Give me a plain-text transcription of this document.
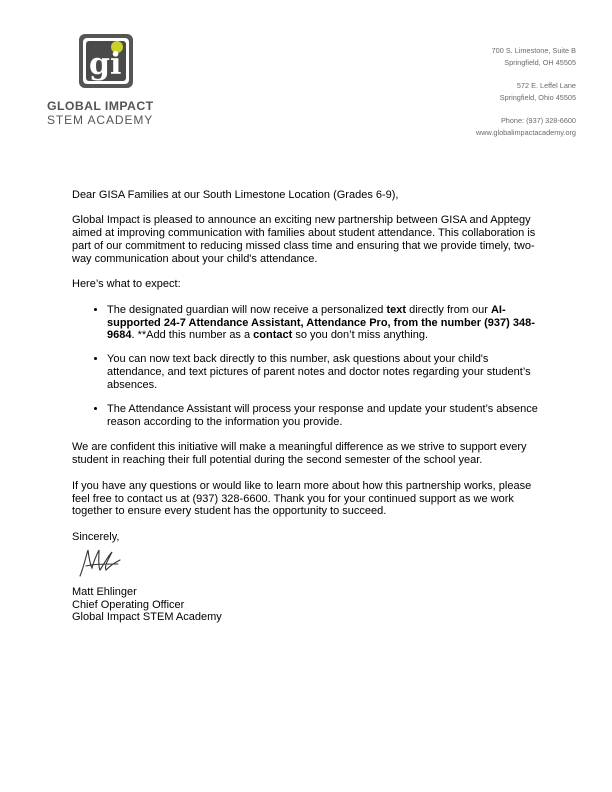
gi
GLOBAL IMPACT
STEM ACADEMY
700 S. Limestone, Suite B
Springfield, OH 45505
572 E. Leffel Lane
Springfield, Ohio 45505
Phone: (937) 328-6600
www.globalimpactacademy.org

Dear GISA Families at our South Limestone Location (Grades 6-9),

Global Impact is pleased to announce an exciting new partnership between GISA and Apptegy aimed at improving communication with families about student attendance. This collaboration is part of our commitment to reducing missed class time and ensuring that we provide timely, two-way communication about your child's attendance.

Here’s what to expect:

• The designated guardian will now receive a personalized text directly from our AI-supported 24-7 Attendance Assistant, Attendance Pro, from the number (937) 348-9684. **Add this number as a contact so you don’t miss anything.
• You can now text back directly to this number, ask questions about your child's attendance, and text pictures of parent notes and doctor notes regarding your student’s absences.
• The Attendance Assistant will process your response and update your student’s absence reason according to the information you provide.

We are confident this initiative will make a meaningful difference as we strive to support every student in reaching their full potential during the second semester of the school year.

If you have any questions or would like to learn more about how this partnership works, please feel free to contact us at (937) 328-6600. Thank you for your continued support as we work together to ensure every student has the opportunity to succeed.

Sincerely,
Matt Ehlinger
Chief Operating Officer
Global Impact STEM Academy
